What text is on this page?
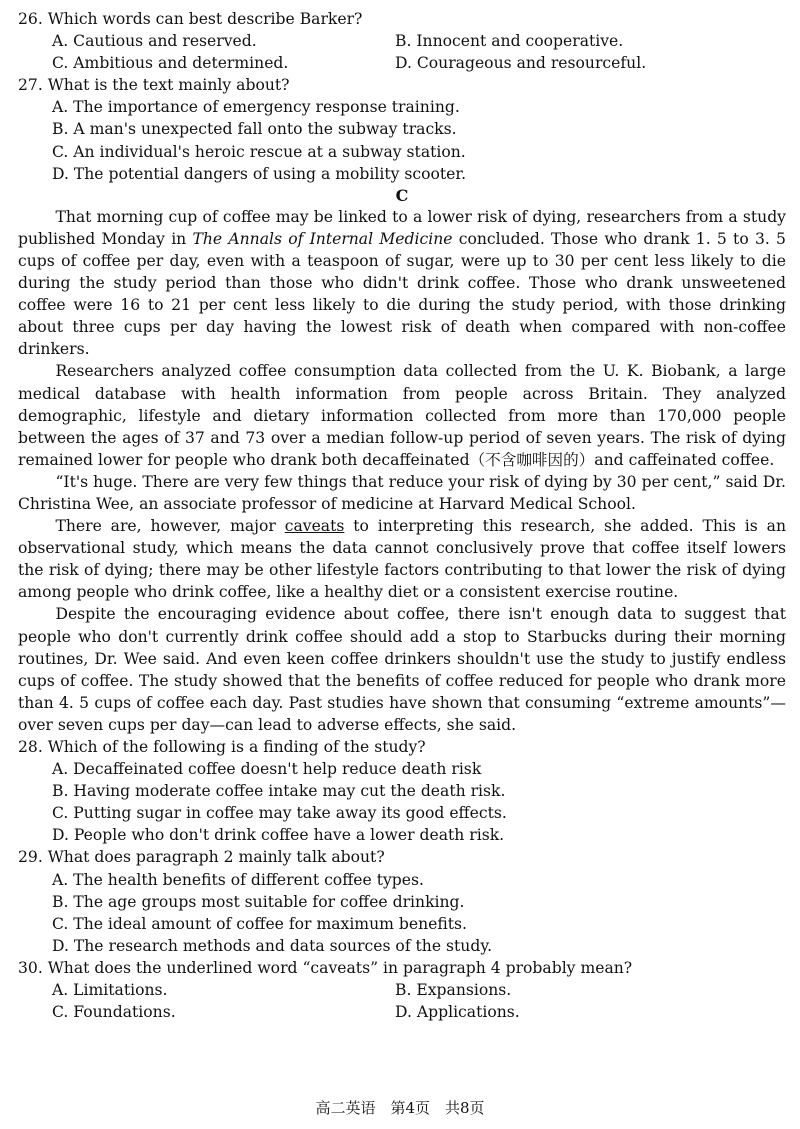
26. Which words can best describe Barker?
A. Cautious and reserved.	B. Innocent and cooperative.
C. Ambitious and determined.	D. Courageous and resourceful.
27. What is the text mainly about?
A. The importance of emergency response training.
B. A man's unexpected fall onto the subway tracks.
C. An individual's heroic rescue at a subway station.
D. The potential dangers of using a mobility scooter.
C

That morning cup of coffee may be linked to a lower risk of dying, researchers from a study published Monday in The Annals of Internal Medicine concluded. Those who drank 1. 5 to 3. 5 cups of coffee per day, even with a teaspoon of sugar, were up to 30 per cent less likely to die during the study period than those who didn't drink coffee. Those who drank unsweetened coffee were 16 to 21 per cent less likely to die during the study period, with those drinking about three cups per day having the lowest risk of death when compared with non-coffee drinkers.

Researchers analyzed coffee consumption data collected from the U. K. Biobank, a large medical database with health information from people across Britain. They analyzed demographic, lifestyle and dietary information collected from more than 170,000 people between the ages of 37 and 73 over a median follow-up period of seven years. The risk of dying remained lower for people who drank both decaffeinated（不含咖啡因的）and caffeinated coffee.

“It's huge. There are very few things that reduce your risk of dying by 30 per cent,” said Dr. Christina Wee, an associate professor of medicine at Harvard Medical School.

There are, however, major caveats to interpreting this research, she added. This is an observational study, which means the data cannot conclusively prove that coffee itself lowers the risk of dying; there may be other lifestyle factors contributing to that lower the risk of dying among people who drink coffee, like a healthy diet or a consistent exercise routine.

Despite the encouraging evidence about coffee, there isn't enough data to suggest that people who don't currently drink coffee should add a stop to Starbucks during their morning routines, Dr. Wee said. And even keen coffee drinkers shouldn't use the study to justify endless cups of coffee. The study showed that the benefits of coffee reduced for people who drank more than 4. 5 cups of coffee each day. Past studies have shown that consuming “extreme amounts”—over seven cups per day—can lead to adverse effects, she said.

28. Which of the following is a finding of the study?
A. Decaffeinated coffee doesn't help reduce death risk
B. Having moderate coffee intake may cut the death risk.
C. Putting sugar in coffee may take away its good effects.
D. People who don't drink coffee have a lower death risk.
29. What does paragraph 2 mainly talk about?
A. The health benefits of different coffee types.
B. The age groups most suitable for coffee drinking.
C. The ideal amount of coffee for maximum benefits.
D. The research methods and data sources of the study.
30. What does the underlined word “caveats” in paragraph 4 probably mean?
A. Limitations.	B. Expansions.
C. Foundations.	D. Applications.
高二英语　第4页　共8页
